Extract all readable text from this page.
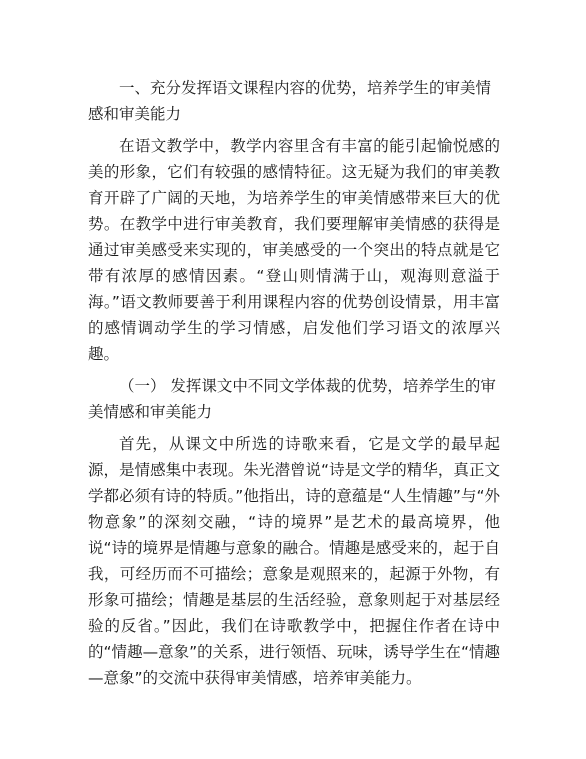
一、充分发挥语文课程内容的优势，培养学生的审美情感和审美能力

在语文教学中，教学内容里含有丰富的能引起愉悦感的美的形象，它们有较强的感情特征。这无疑为我们的审美教育开辟了广阔的天地，为培养学生的审美情感带来巨大的优势。在教学中进行审美教育，我们要理解审美情感的获得是通过审美感受来实现的，审美感受的一个突出的特点就是它带有浓厚的感情因素。“登山则情满于山，观海则意溢于海。”语文教师要善于利用课程内容的优势创设情景，用丰富的感情调动学生的学习情感，启发他们学习语文的浓厚兴趣。

（一） 发挥课文中不同文学体裁的优势，培养学生的审美情感和审美能力

首先，从课文中所选的诗歌来看，它是文学的最早起源，是情感集中表现。朱光潜曾说“诗是文学的精华，真正文学都必须有诗的特质。”他指出，诗的意蕴是“人生情趣”与“外物意象”的深刻交融，“诗的境界”是艺术的最高境界，他说“诗的境界是情趣与意象的融合。情趣是感受来的，起于自我，可经历而不可描绘；意象是观照来的，起源于外物，有形象可描绘；情趣是基层的生活经验，意象则起于对基层经验的反省。”因此，我们在诗歌教学中，把握住作者在诗中的“情趣—意象”的关系，进行领悟、玩味，诱导学生在“情趣—意象”的交流中获得审美情感，培养审美能力。
